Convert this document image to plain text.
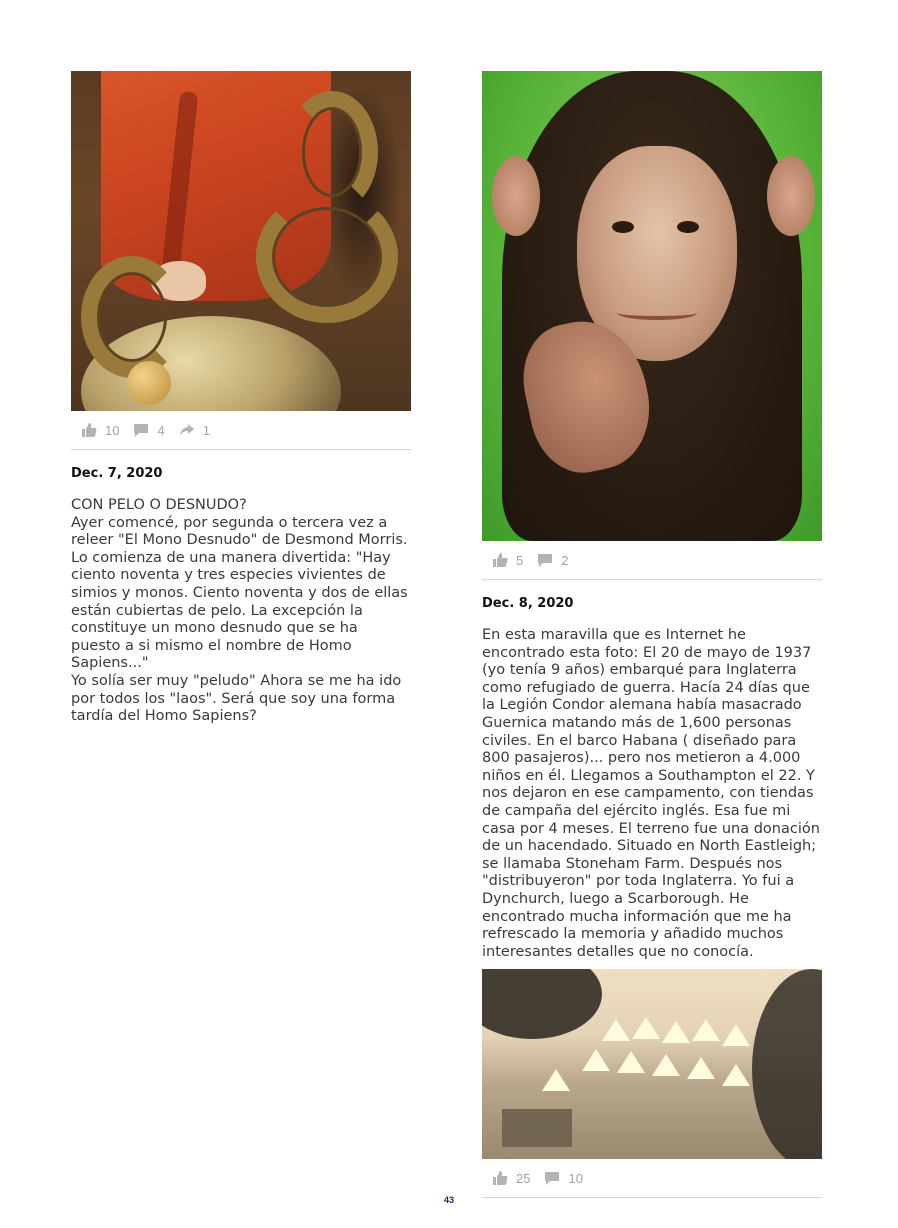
10	4	1
Dec. 7, 2020

CON PELO O DESNUDO?

Ayer comencé, por segunda o tercera vez a releer "El Mono Desnudo" de Desmond Morris. Lo comienza de una manera divertida: "Hay ciento noventa y tres especies vivientes de simios y monos. Ciento noventa y dos de ellas están cubiertas de pelo. La excepción la constituye un mono desnudo que se ha puesto a si mismo el nombre de Homo Sapiens..."

Yo solía ser muy "peludo" Ahora se me ha ido por todos los "laos". Será que soy una forma tardía del Homo Sapiens?

5	2
Dec. 8, 2020

En esta maravilla que es Internet he encontrado esta foto: El 20 de mayo de 1937 (yo tenía 9 años) embarqué para Inglaterra como refugiado de guerra. Hacía 24 días que la Legión Condor alemana había masacrado Guernica matando más de 1,600 personas civiles. En el barco Habana ( diseñado para 800 pasajeros)... pero nos metieron a 4.000 niños en él. Llegamos a Southampton el 22. Y nos dejaron en ese campamento, con tiendas de campaña del ejército inglés. Esa fue mi casa por 4 meses. El terreno fue una donación de un hacendado. Situado en North Eastleigh; se llamaba Stoneham Farm. Después nos "distribuyeron" por toda Inglaterra. Yo fui a Dynchurch, luego a Scarborough. He encontrado mucha información que me ha refrescado la memoria y añadido muchos interesantes detalles que no conocía.

25	10
43
